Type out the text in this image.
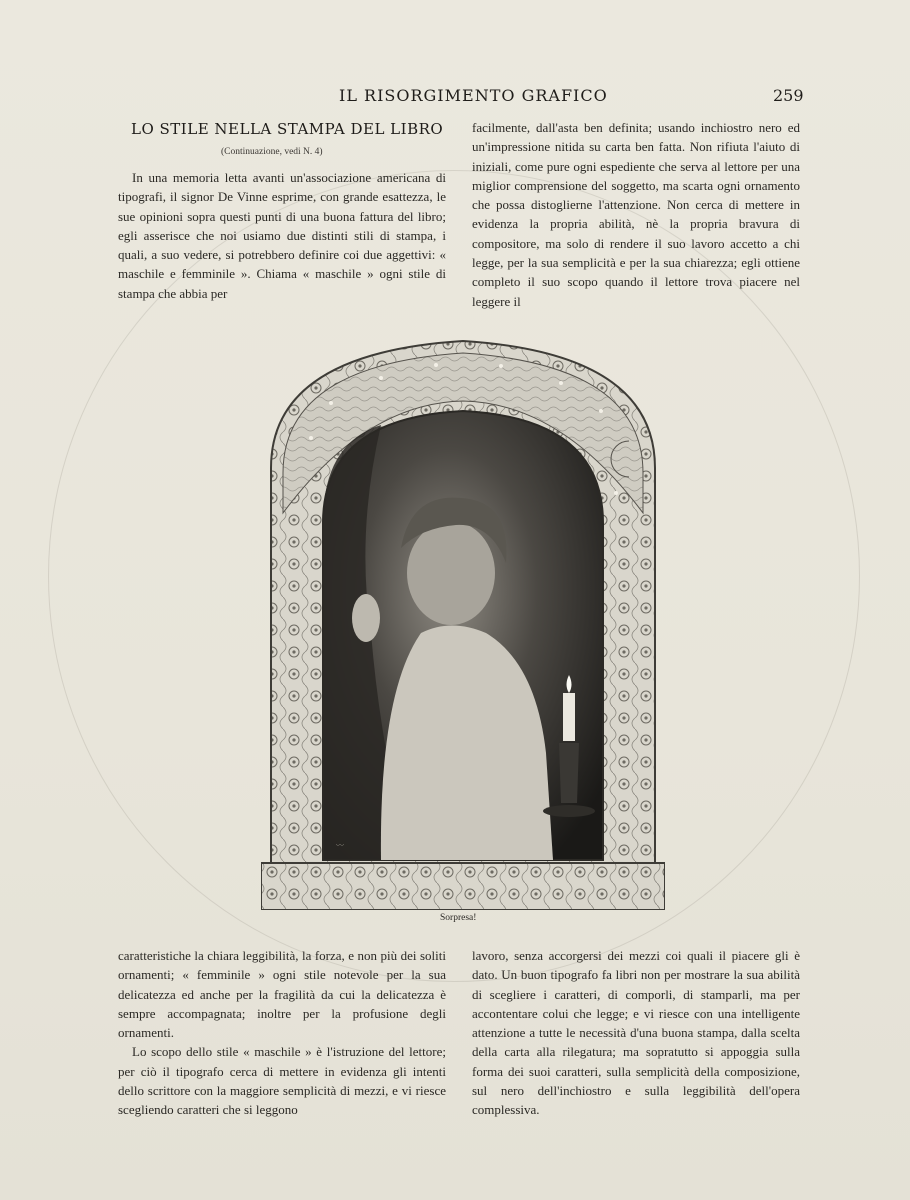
IL RISORGIMENTO GRAFICO	259
LO STILE NELLA STAMPA DEL LIBRO
(Continuazione, vedi N. 4)

In una memoria letta avanti un'associazione americana di tipografi, il signor De Vinne esprime, con grande esattezza, le sue opinioni sopra questi punti di una buona fattura del libro; egli asserisce che noi usiamo due distinti stili di stampa, i quali, a suo vedere, si potrebbero definire coi due aggettivi: « maschile e femminile ». Chiama « maschile » ogni stile di stampa che abbia per

facilmente, dall'asta ben definita; usando inchiostro nero ed un'impressione nitida su carta ben fatta. Non rifiuta l'aiuto di iniziali, come pure ogni espediente che serva al lettore per una miglior comprensione del soggetto, ma scarta ogni ornamento che possa distoglierne l'attenzione. Non cerca di mettere in evidenza la propria abilità, nè la propria bravura di compositore, ma solo di rendere il suo lavoro accetto a chi legge, per la sua semplicità e per la sua chiarezza; egli ottiene completo il suo scopo quando il lettore trova piacere nel leggere il

〰
Sorpresa!

caratteristiche la chiara leggibilità, la forza, e non più dei soliti ornamenti; « femminile » ogni stile notevole per la sua delicatezza ed anche per la fragilità da cui la delicatezza è sempre accompagnata; inoltre per la profusione degli ornamenti.

Lo scopo dello stile « maschile » è l'istruzione del lettore; per ciò il tipografo cerca di mettere in evidenza gli intenti dello scrittore con la maggiore semplicità di mezzi, e vi riesce scegliendo caratteri che si leggono

lavoro, senza accorgersi dei mezzi coi quali il piacere gli è dato. Un buon tipografo fa libri non per mostrare la sua abilità di scegliere i caratteri, di comporli, di stamparli, ma per accontentare colui che legge; e vi riesce con una intelligente attenzione a tutte le necessità d'una buona stampa, dalla scelta della carta alla rilegatura; ma sopratutto si appoggia sulla forma dei suoi caratteri, sulla semplicità della composizione, sul nero dell'inchiostro e sulla leggibilità dell'opera complessiva.
